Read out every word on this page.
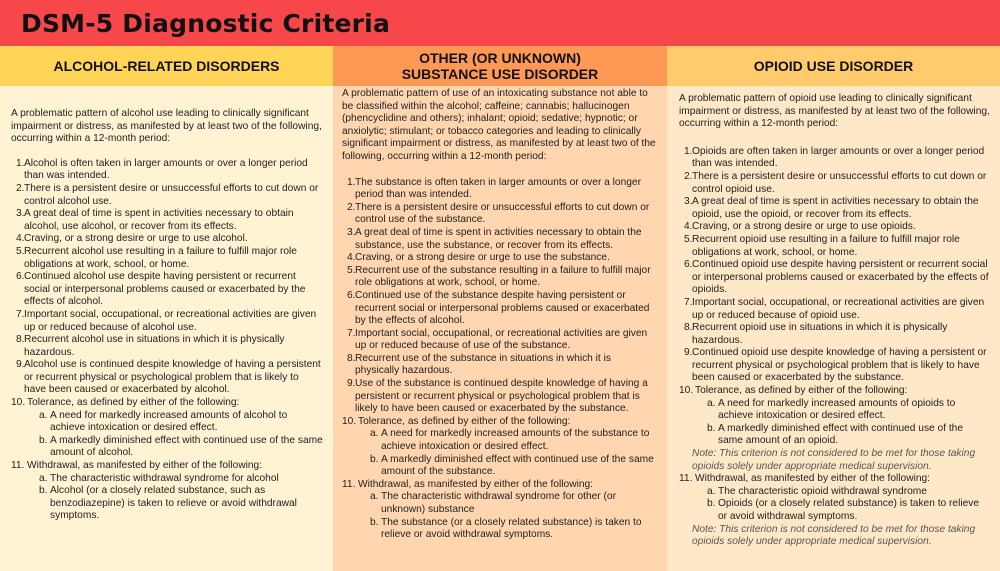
DSM-5 Diagnostic Criteria
ALCOHOL-RELATED DISORDERS
A problematic pattern of alcohol use leading to clinically significant impairment or distress, as manifested by at least two of the following, occurring within a 12-month period:
1. Alcohol is often taken in larger amounts or over a longer period than was intended.
2. There is a persistent desire or unsuccessful efforts to cut down or control alcohol use.
3. A great deal of time is spent in activities necessary to obtain alcohol, use alcohol, or recover from its effects.
4. Craving, or a strong desire or urge to use alcohol.
5. Recurrent alcohol use resulting in a failure to fulfill major role obligations at work, school, or home.
6. Continued alcohol use despite having persistent or recurrent social or interpersonal problems caused or exacerbated by the effects of alcohol.
7. Important social, occupational, or recreational activities are given up or reduced because of alcohol use.
8. Recurrent alcohol use in situations in which it is physically hazardous.
9. Alcohol use is continued despite knowledge of having a persistent or recurrent physical or psychological problem that is likely to have been caused or exacerbated by alcohol.
10. Tolerance, as defined by either of the following:
a. A need for markedly increased amounts of alcohol to achieve intoxication or desired effect.
b. A markedly diminished effect with continued use of the same amount of alcohol.
11. Withdrawal, as manifested by either of the following:
a. The characteristic withdrawal syndrome for alcohol
b. Alcohol (or a closely related substance, such as benzodiazepine) is taken to relieve or avoid withdrawal symptoms.
OTHER (OR UNKNOWN)
SUBSTANCE USE DISORDER
A problematic pattern of use of an intoxicating substance not able to be classified within the alcohol; caffeine; cannabis; hallucinogen (phencyclidine and others); inhalant; opioid; sedative; hypnotic; or anxiolytic; stimulant; or tobacco categories and leading to clinically significant impairment or distress, as manifested by at least two of the following, occurring within a 12-month period:
1. The substance is often taken in larger amounts or over a longer period than was intended.
2. There is a persistent desire or unsuccessful efforts to cut down or control use of the substance.
3. A great deal of time is spent in activities necessary to obtain the substance, use the substance, or recover from its effects.
4. Craving, or a strong desire or urge to use the substance.
5. Recurrent use of the substance resulting in a failure to fulfill major role obligations at work, school, or home.
6. Continued use of the substance despite having persistent or recurrent social or interpersonal problems caused or exacerbated by the effects of alcohol.
7. Important social, occupational, or recreational activities are given up or reduced because of use of the substance.
8. Recurrent use of the substance in situations in which it is physically hazardous.
9. Use of the substance is continued despite knowledge of having a persistent or recurrent physical or psychological problem that is likely to have been caused or exacerbated by the substance.
10. Tolerance, as defined by either of the following:
a. A need for markedly increased amounts of the substance to achieve intoxication or desired effect.
b. A markedly diminished effect with continued use of the same amount of the substance.
11. Withdrawal, as manifested by either of the following:
a. The characteristic withdrawal syndrome for other (or unknown) substance
b. The substance (or a closely related substance) is taken to relieve or avoid withdrawal symptoms.
OPIOID USE DISORDER
A problematic pattern of opioid use leading to clinically significant impairment or distress, as manifested by at least two of the following, occurring within a 12-month period:
1. Opioids are often taken in larger amounts or over a longer period than was intended.
2. There is a persistent desire or unsuccessful efforts to cut down or control opioid use.
3. A great deal of time is spent in activities necessary to obtain the opioid, use the opioid, or recover from its effects.
4. Craving, or a strong desire or urge to use opioids.
5. Recurrent opioid use resulting in a failure to fulfill major role obligations at work, school, or home.
6. Continued opioid use despite having persistent or recurrent social or interpersonal problems caused or exacerbated by the effects of opioids.
7. Important social, occupational, or recreational activities are given up or reduced because of opioid use.
8. Recurrent opioid use in situations in which it is physically hazardous.
9. Continued opioid use despite knowledge of having a persistent or recurrent physical or psychological problem that is likely to have been caused or exacerbated by the substance.
10. Tolerance, as defined by either of the following:
a. A need for markedly increased amounts of opioids to achieve intoxication or desired effect.
b. A markedly diminished effect with continued use of the same amount of an opioid.
Note: This criterion is not considered to be met for those taking opioids solely under appropriate medical supervision.
11. Withdrawal, as manifested by either of the following:
a. The characteristic opioid withdrawal syndrome
b. Opioids (or a closely related substance) is taken to relieve or avoid withdrawal symptoms.
Note: This criterion is not considered to be met for those taking opioids solely under appropriate medical supervision.
